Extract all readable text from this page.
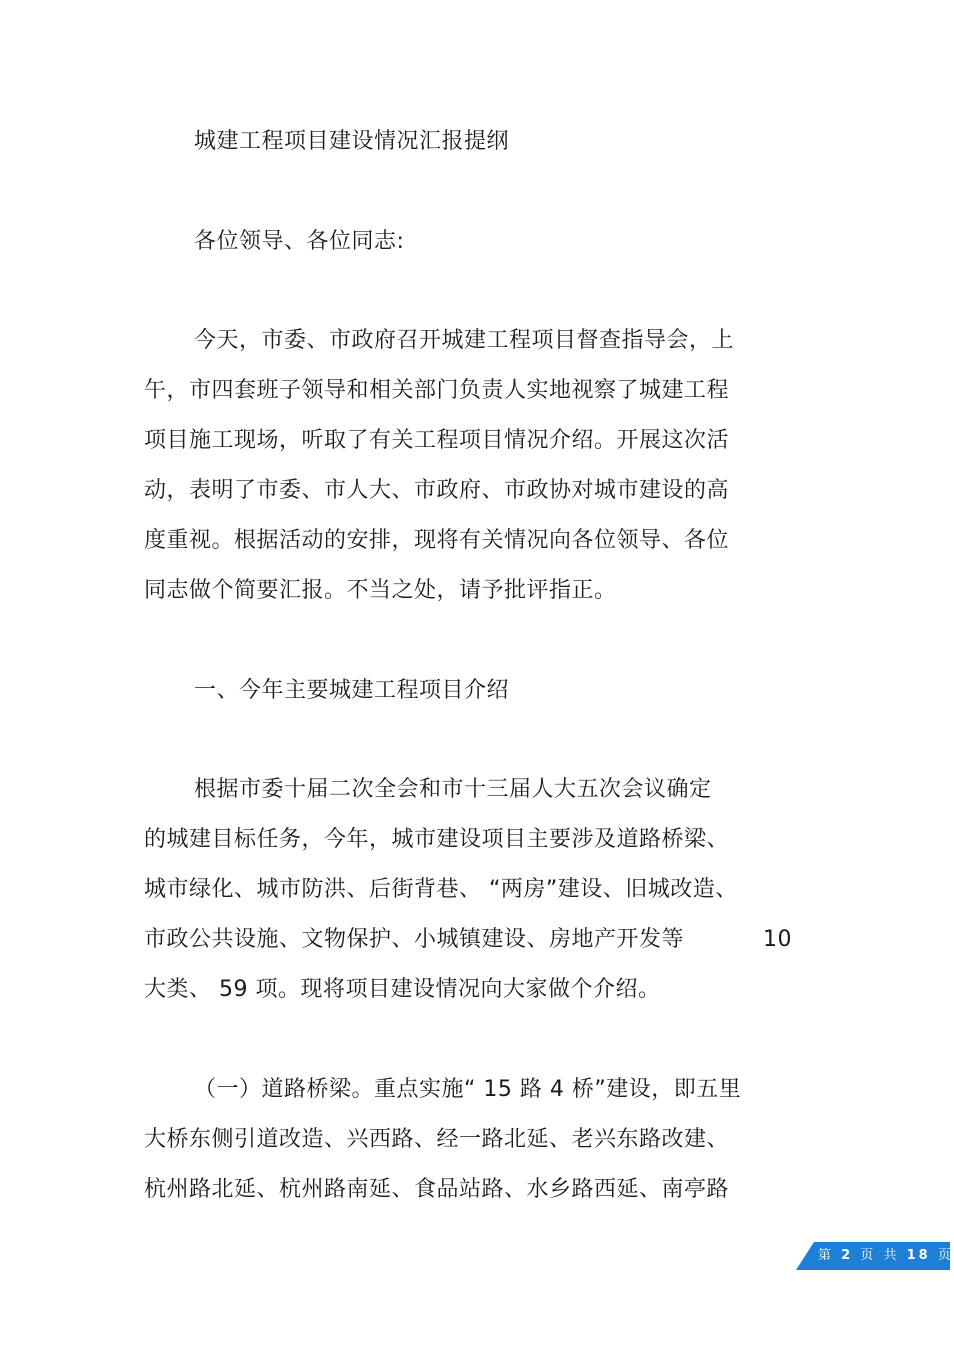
城建工程项目建设情况汇报提纲
各位领导、各位同志:
今天，市委、市政府召开城建工程项目督查指导会，上
午，市四套班子领导和相关部门负责人实地视察了城建工程
项目施工现场，听取了有关工程项目情况介绍。开展这次活
动，表明了市委、市人大、市政府、市政协对城市建设的高
度重视。根据活动的安排，现将有关情况向各位领导、各位
同志做个简要汇报。不当之处，请予批评指正。
一、今年主要城建工程项目介绍
根据市委十届二次全会和市十三届人大五次会议确定
的城建目标任务，今年，城市建设项目主要涉及道路桥梁、
城市绿化、城市防洪、后街背巷、 “两房”建设、旧城改造、
市政公共设施、文物保护、小城镇建设、房地产开发等	10
大类、 59 项。现将项目建设情况向大家做个介绍。
（一）道路桥梁。重点实施“ 15 路 4 桥”建设，即五里
大桥东侧引道改造、兴西路、经一路北延、老兴东路改建、
杭州路北延、杭州路南延、食品站路、水乡路西延、南亭路
第 2 页 共 18 页
